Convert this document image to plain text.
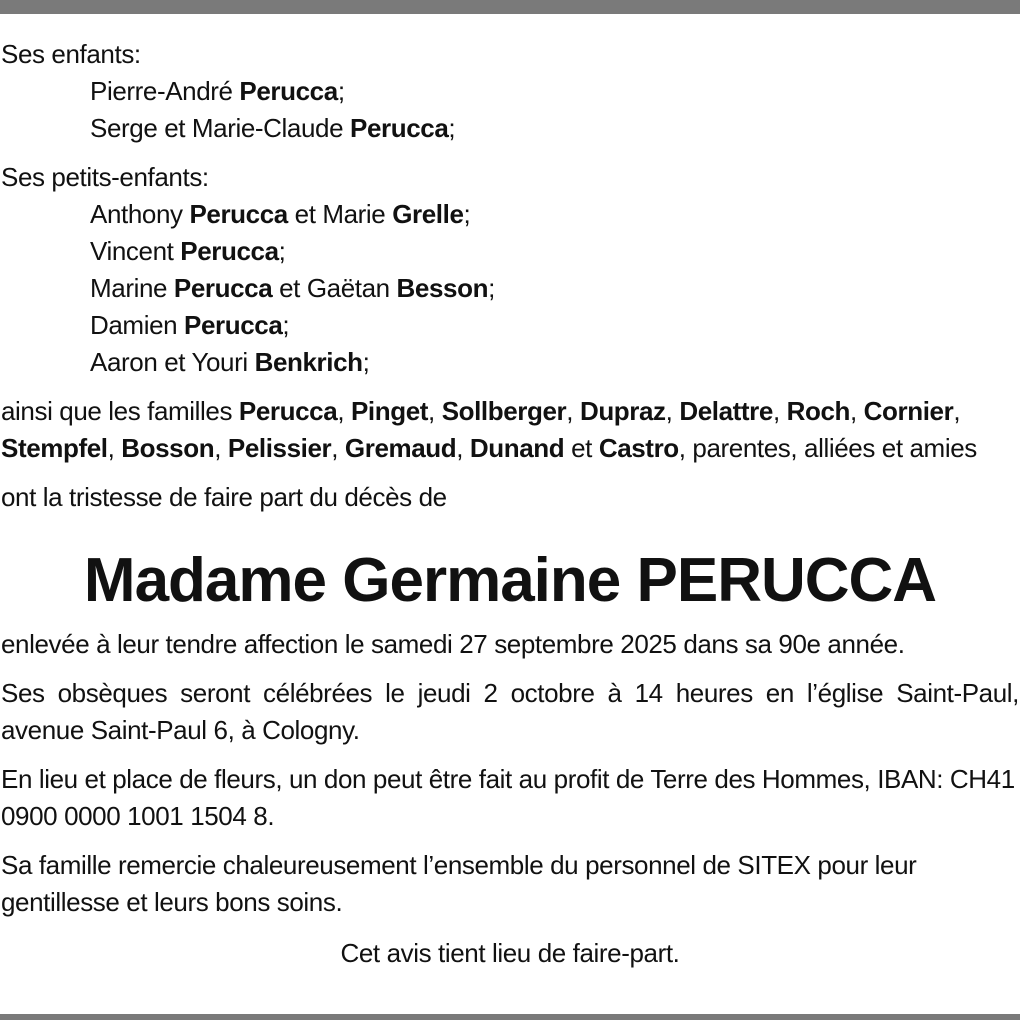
Ses enfants:

Pierre-André Perucca;
Serge et Marie-Claude Perucca;

Ses petits-enfants:

Anthony Perucca et Marie Grelle;
Vincent Perucca;
Marine Perucca et Gaëtan Besson;
Damien Perucca;
Aaron et Youri Benkrich;

ainsi que les familles Perucca, Pinget, Sollberger, Dupraz, Delattre, Roch, Cornier, Stempfel, Bosson, Pelissier, Gremaud, Dunand et Castro, parentes, alliées et amies

ont la tristesse de faire part du décès de

Madame Germaine PERUCCA

enlevée à leur tendre affection le samedi 27 septembre 2025 dans sa 90e année.

Ses obsèques seront célébrées le jeudi 2 octobre à 14 heures en l’église Saint-Paul, avenue Saint-Paul 6, à Cologny.

En lieu et place de fleurs, un don peut être fait au profit de Terre des Hommes, IBAN: CH41 0900 0000 1001 1504 8.

Sa famille remercie chaleureusement l’ensemble du personnel de SITEX pour leur gentillesse et leurs bons soins.

Cet avis tient lieu de faire-part.
